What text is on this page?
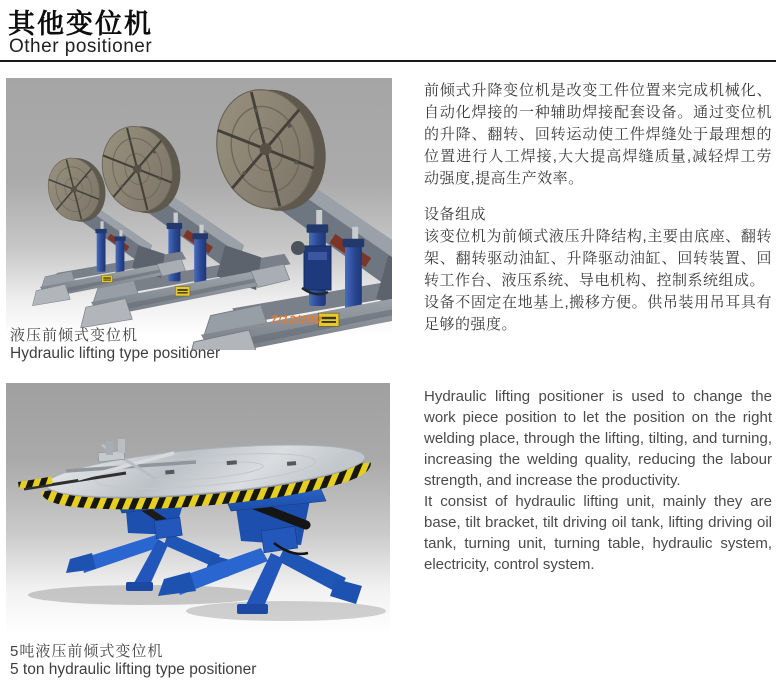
其他变位机
Other positioner
7/12/200
液压前倾式变位机
Hydraulic lifting type positioner
5吨液压前倾式变位机
5 ton hydraulic lifting type positioner

前倾式升降变位机是改变工件位置来完成机械化、自动化焊接的一种辅助焊接配套设备。通过变位机的升降、翻转、回转运动使工件焊缝处于最理想的位置进行人工焊接,大大提高焊缝质量,减轻焊工劳动强度,提高生产效率。

设备组成

该变位机为前倾式液压升降结构,主要由底座、翻转架、翻转驱动油缸、升降驱动油缸、回转装置、回转工作台、液压系统、导电机构、控制系统组成。

设备不固定在地基上,搬移方便。供吊装用吊耳具有足够的强度。

Hydraulic lifting positioner is used to change the work piece position to let the position on the right welding place, through the lifting, tilting, and turning, increasing the welding quality, reducing the labour strength, and increase the productivity.

It consist of hydraulic lifting unit, mainly they are base, tilt bracket, tilt driving oil tank, lifting driving oil tank, turning unit, turning table, hydraulic system, electricity, control system.
